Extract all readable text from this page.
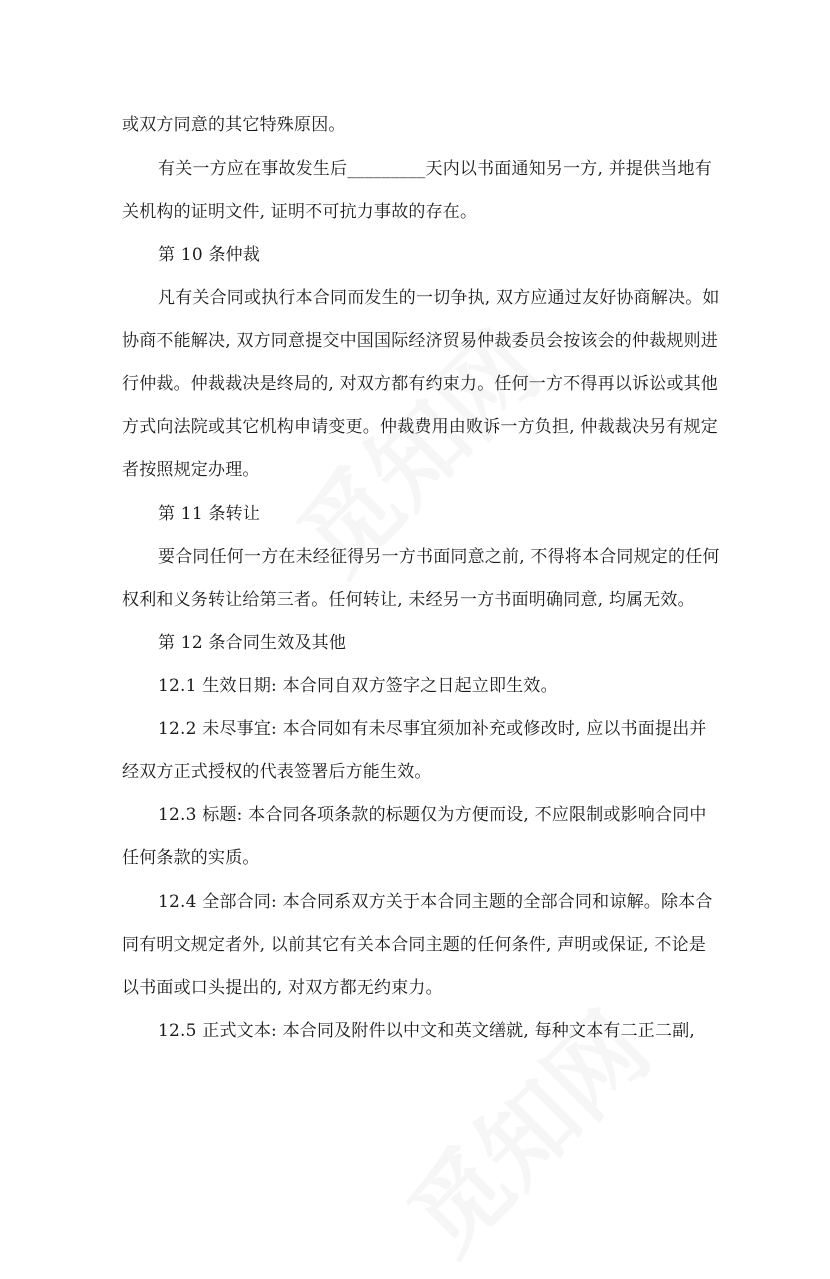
或双方同意的其它特殊原因。
有关一方应在事故发生后_________天内以书面通知另一方, 并提供当地有
关机构的证明文件, 证明不可抗力事故的存在。
第 10 条仲裁
凡有关合同或执行本合同而发生的一切争执, 双方应通过友好协商解决。如
协商不能解决, 双方同意提交中国国际经济贸易仲裁委员会按该会的仲裁规则进
行仲裁。仲裁裁决是终局的, 对双方都有约束力。任何一方不得再以诉讼或其他
方式向法院或其它机构申请变更。仲裁费用由败诉一方负担, 仲裁裁决另有规定
者按照规定办理。
第 11 条转让
要合同任何一方在未经征得另一方书面同意之前, 不得将本合同规定的任何
权利和义务转让给第三者。任何转让, 未经另一方书面明确同意, 均属无效。
第 12 条合同生效及其他
12.1 生效日期: 本合同自双方签字之日起立即生效。
12.2 未尽事宜: 本合同如有未尽事宜须加补充或修改时, 应以书面提出并
经双方正式授权的代表签署后方能生效。
12.3 标题: 本合同各项条款的标题仅为方便而设, 不应限制或影响合同中
任何条款的实质。
12.4 全部合同: 本合同系双方关于本合同主题的全部合同和谅解。除本合
同有明文规定者外, 以前其它有关本合同主题的任何条件, 声明或保证, 不论是
以书面或口头提出的, 对双方都无约束力。
12.5 正式文本: 本合同及附件以中文和英文缮就, 每种文本有二正二副,
